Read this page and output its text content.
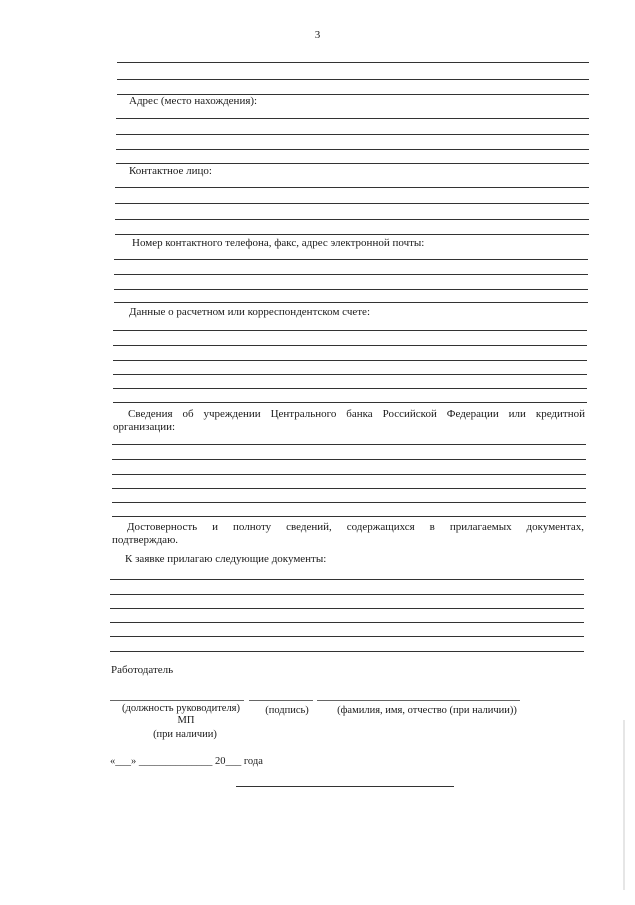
3
Адрес (место нахождения):
Контактное лицо:
Номер контактного телефона, факс, адрес электронной почты:
Данные о расчетном или корреспондентском счете:
Сведения об учреждении Центрального банка Российской Федерации или кредитной
организации:
Достоверность и полноту сведений, содержащихся в прилагаемых документах,
подтверждаю.
К заявке прилагаю следующие документы:
Работодатель
(должность руководителя)	(подпись)	(фамилия, имя, отчество (при наличии))
МП
(при наличии)
«___» ______________ 20___ года
